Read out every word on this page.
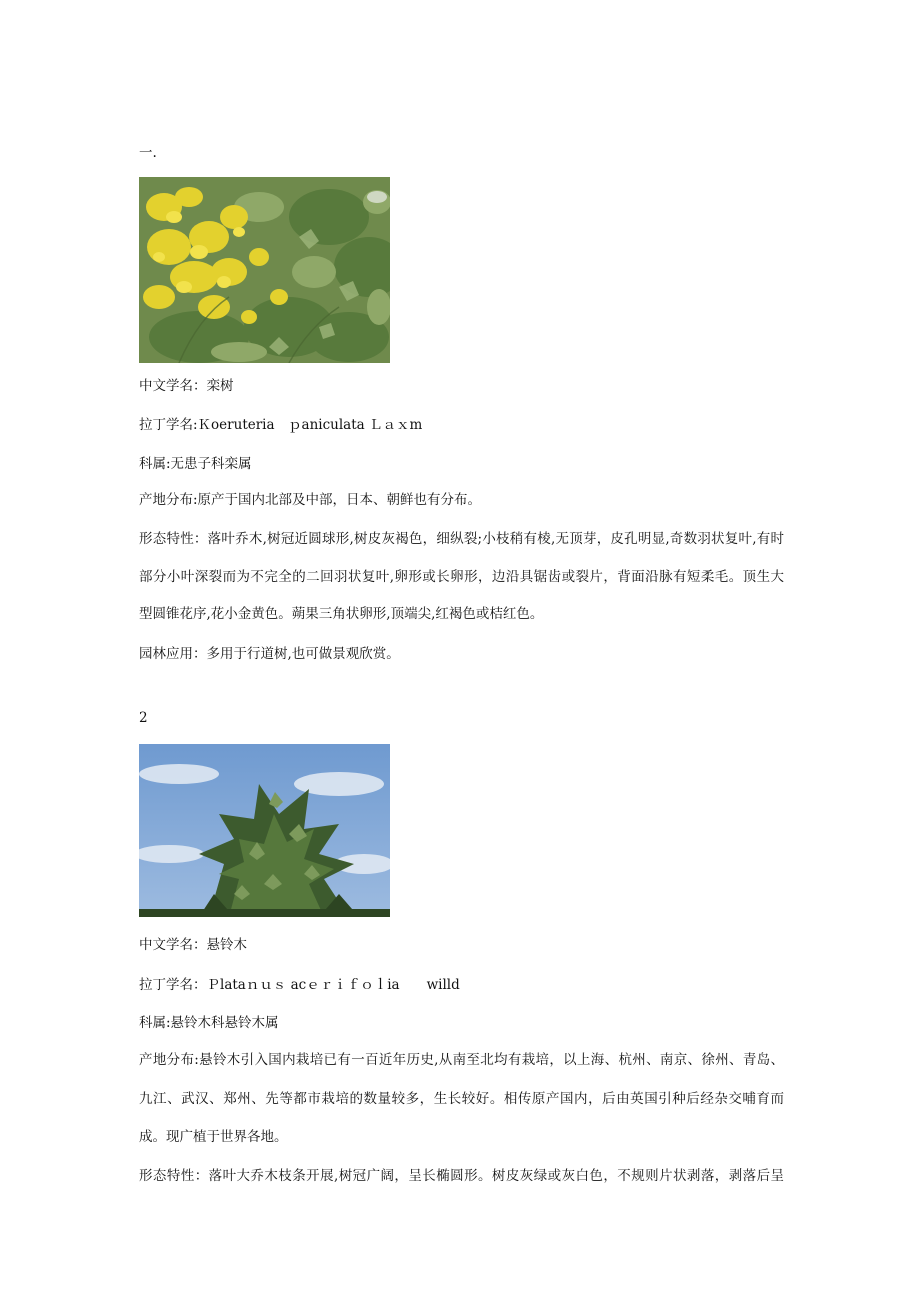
一.
中文学名：栾树
拉丁学名:Ｋoeruteria　ｐaniculata Ｌａｘm
科属:无患子科栾属
产地分布:原产于国内北部及中部，日本、朝鲜也有分布。
形态特性：落叶乔木,树冠近圆球形,树皮灰褐色，细纵裂;小枝稍有棱,无顶芽，皮孔明显,奇数羽状复叶,有时
部分小叶深裂而为不完全的二回羽状复叶,卵形或长卵形，边沿具锯齿或裂片，背面沿脉有短柔毛。顶生大
型圆锥花序,花小金黄色。蒴果三角状卵形,顶端尖,红褐色或桔红色。
园林应用：多用于行道树,也可做景观欣赏。
2
中文学名：悬铃木
拉丁学名：Ｐlataｎｕｓ acｅｒｉｆｏｌia　　willd
科属:悬铃木科悬铃木属
产地分布:悬铃木引入国内栽培已有一百近年历史,从南至北均有栽培，以上海、杭州、南京、徐州、青岛、
九江、武汉、郑州、先等都市栽培的数量较多，生长较好。相传原产国内，后由英国引种后经杂交哺育而
成。现广植于世界各地。
形态特性：落叶大乔木枝条开展,树冠广阔，呈长椭圆形。树皮灰绿或灰白色，不规则片状剥落，剥落后呈
